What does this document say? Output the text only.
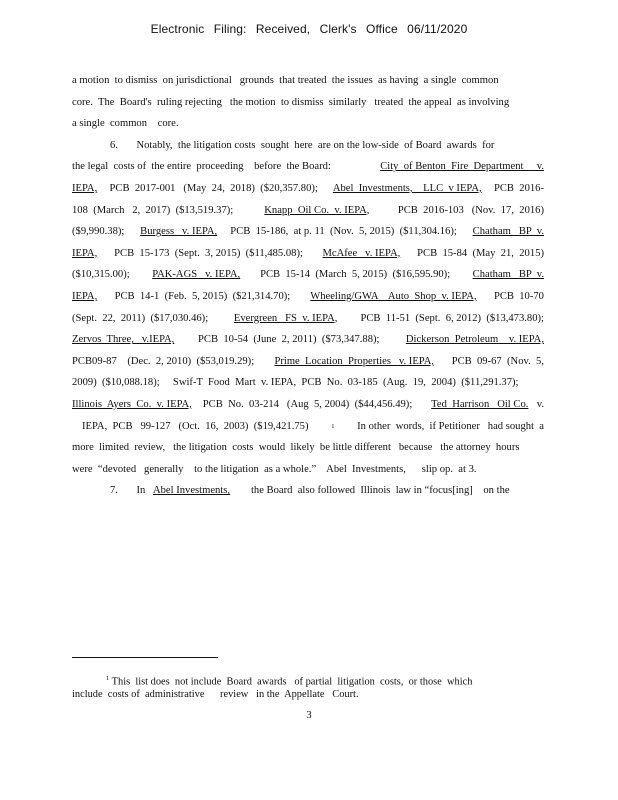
Electronic Filing: Received, Clerk's Office 06/11/2020
a motion  to dismiss  on jurisdictional   grounds  that treated  the issues  as having  a single  common
core.  The  Board's  ruling rejecting   the motion  to dismiss  similarly   treated  the appeal  as involving
a single  common    core.
6.       Notably,  the litigation costs  sought  here  are on the low-side  of Board  awards  for
the legal  costs of  the entire  proceeding    before  the Board:	City  of Benton  Fire  Department     v.
IEPA, PCB  2017-001   (May  24,  2018)  ($20,357.80); Abel  Investments,    LLC  v IEPA, PCB  2016-
108  (March   2,  2017)  ($13,519.37); Knapp  Oil Co.  v. IEPA, PCB  2016-103   (Nov.  17,  2016)
($9,990.38); Burgess   v. IEPA, PCB  15-186,  at p. 11  (Nov.  5, 2015)  ($11,304.16); Chatham   BP  v.
IEPA, PCB  15-173  (Sept.  3, 2015)  ($11,485.08); McAfee   v. IEPA, PCB  15-84  (May  21,  2015)
($10,315.00); PAK-AGS   v. IEPA, PCB  15-14  (March  5, 2015)  ($16,595.90); Chatham   BP  v.
IEPA, PCB  14-1  (Feb.  5, 2015)  ($21,314.70); Wheeling/GWA    Auto  Shop  v. IEPA, PCB  10-70
(Sept.  22,  2011)  ($17,030.46); Evergreen   FS  v. IEPA, PCB  11-51  (Sept.  6, 2012)  ($13,473.80);
Zervos  Three,   v.IEPA, PCB  10-54  (June  2, 2011)  ($73,347.88); Dickerson  Petroleum    v. IEPA,
PCB09-87    (Dec.  2, 2010)  ($53,019.29); Prime  Location  Properties   v. IEPA, PCB  09-67  (Nov.  5,
2009)  ($10,088.18);     Swif-T  Food  Mart  v. IEPA,  PCB  No.  03-185  (Aug.  19,  2004)  ($11,291.37);
Illinois  Ayers  Co.  v. IEPA, PCB  No.  03-214   (Aug  5, 2004)  ($44,456.49); Ted  Harrison   Oil Co. v.
IEPA,  PCB   99-127   (Oct.  16,  2003)  ($19,421.75)	1 In other  words,  if Petitioner   had sought  a
more  limited  review,   the litigation  costs  would  likely  be little different   because   the attorney  hours
were  “devoted   generally    to the litigation  as a whole.”    Abel  Investments,      slip op.  at 3.
7.       In Abel Investments, the Board  also followed  Illinois  law in “focus[ing]    on the
$^1$ This  list does  not include  Board  awards   of partial  litigation  costs,  or those  which
include  costs of  administrative      review   in the  Appellate   Court.
3
